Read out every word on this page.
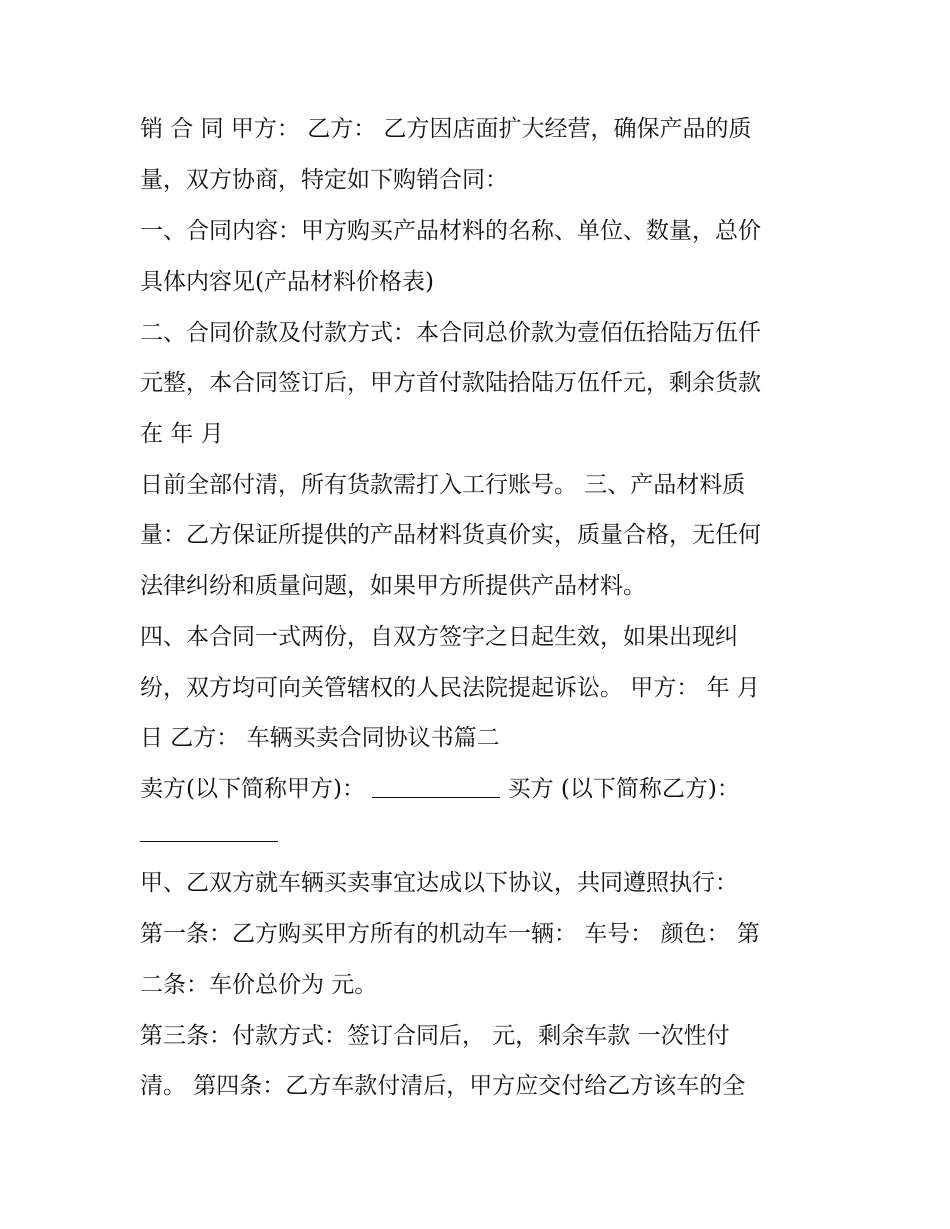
销 合 同 甲方： 乙方： 乙方因店面扩大经营，确保产品的质

量，双方协商，特定如下购销合同：

一、合同内容：甲方购买产品材料的名称、单位、数量，总价

具体内容见(产品材料价格表)

二、合同价款及付款方式：本合同总价款为壹佰伍拾陆万伍仟

元整，本合同签订后，甲方首付款陆拾陆万伍仟元，剩余货款

在 年 月

日前全部付清，所有货款需打入工行账号。 三、产品材料质

量：乙方保证所提供的产品材料货真价实，质量合格，无任何

法律纠纷和质量问题，如果甲方所提供产品材料。

四、本合同一式两份，自双方签字之日起生效，如果出现纠

纷，双方均可向关管辖权的人民法院提起诉讼。 甲方： 年 月

日 乙方： 车辆买卖合同协议书篇二

卖方(以下简称甲方)：	买方 (以下简称乙方)：

甲、乙双方就车辆买卖事宜达成以下协议，共同遵照执行：

第一条：乙方购买甲方所有的机动车一辆： 车号： 颜色： 第

二条：车价总价为 元。

第三条：付款方式：签订合同后， 元，剩余车款 一次性付

清。 第四条：乙方车款付清后，甲方应交付给乙方该车的全
